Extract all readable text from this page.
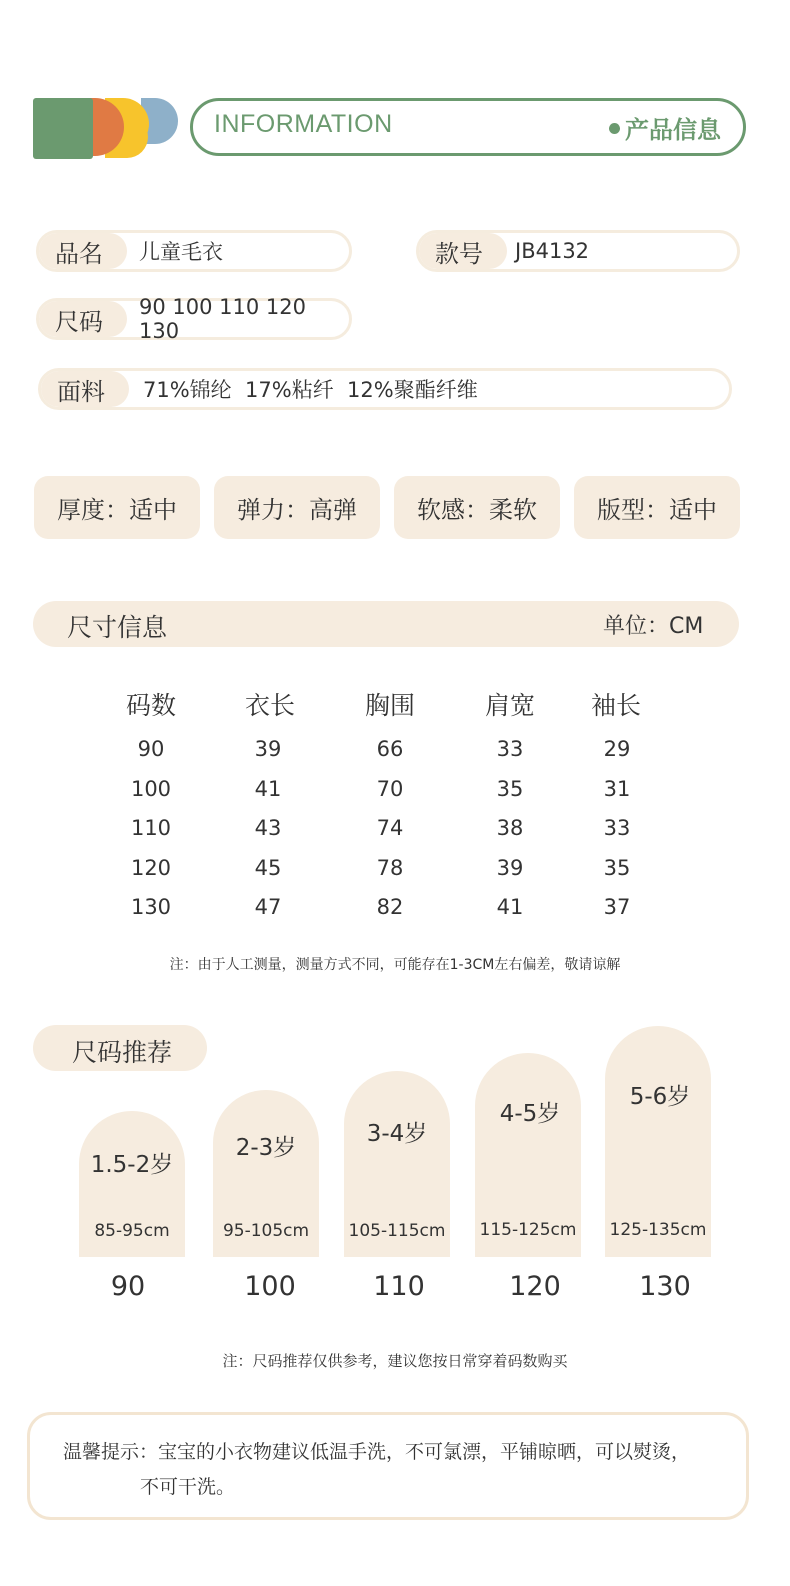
INFORMATION	产品信息
品名	儿童毛衣	款号	JB4132
尺码
90 100 110 120 130
面料	71%锦纶  17%粘纤  12%聚酯纤维
厚度：适中	弹力：高弹	软感：柔软	版型：适中
尺寸信息	单位：CM
码数	衣长	胸围	肩宽	袖长
90	39	66	33	29
100	41	70	35	31
110	43	74	38	33
120	45	78	39	35
130	47	82	41	37
注：由于人工测量，测量方式不同，可能存在1-3CM左右偏差，敬请谅解
尺码推荐
1.5-2岁
85-95cm
90
2-3岁
95-105cm
100
3-4岁
105-115cm
110
4-5岁
115-125cm
120
5-6岁
125-135cm
130
注：尺码推荐仅供参考，建议您按日常穿着码数购买
温馨提示：宝宝的小衣物建议低温手洗，不可氯漂，平铺晾晒，可以熨烫，
不可干洗。
